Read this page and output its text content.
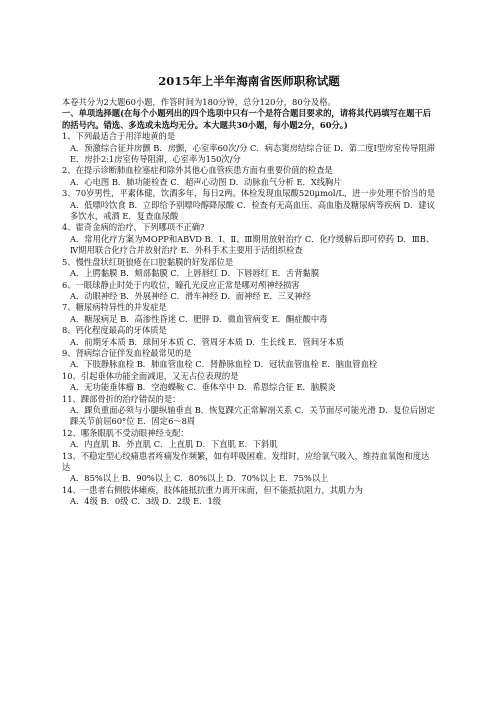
2015年上半年海南省医师职称试题

本卷共分为2大题60小题，作答时间为180分钟，总分120分，80分及格。

一、单项选择题(在每个小题列出的四个选项中只有一个是符合题目要求的，请将其代码填写在题干后的括号内。错选、多选或未选均无分。本大题共30小题，每小题2分，60分。)

1、下列最适合于用洋地黄的是

A．预激综合征并房颤 B．房颤，心室率60次/分 C．病态窦房结综合征 D．第二度Ⅰ型房室传导阻滞 E．房扑2:1房室传导阻滞，心室率为150次/分

2、在提示诊断肺血栓塞症和除外其他心血管疾患方面有重要价值的检查是

A．心电图 B．肺功能检查 C．超声心动图 D．动脉血气分析 E．X线胸片

3、70岁男性，平素体健，饮酒多年，每日2两。体检发现血尿酸520μmol/L，进一步处理不恰当的是

A．低嘌呤饮食 B．立即给予别嘌呤醇降尿酸 C．检查有无高血压、高血脂及糖尿病等疾病 D．建议多饮水，戒酒 E．复查血尿酸

4、霍奇金病的治疗，下列哪项不正确?

A．常用化疗方案为MOPP和ABVD B．Ⅰ、Ⅱ、Ⅲ期用放射治疗 C．化疗缓解后即可停药 D．ⅢB、Ⅳ期用联合化疗合并放射治疗 E．外科手术主要用于活组织检查

5、慢性盘状红斑狼疮在口腔黏膜的好发部位是

A．上腭黏膜 B．颊部黏膜 C．上唇唇红 D．下唇唇红 E．舌背黏膜

6、一眼球静止时处于内收位，瞳孔光反应正常是哪对颅神经损害

A．动眼神经 B．外展神经 C．滑车神经 D．面神经 E．三叉神经

7、糖尿病特异性的并发症是

A．糖尿病足 B．高渗性昏迷 C．肥胖 D．微血管病变 E．酮症酸中毒

8、钙化程度最高的牙体质是

A．前期牙本质 B．球间牙本质 C．管周牙本质 D．生长线 E．管间牙本质

9、肾病综合征伴发血栓最常见的是

A．下肢静脉血栓 B．肺血管血栓 C．肾静脉血栓 D．冠状血管血栓 E．脑血管血栓

10、引起垂体功能全面减退，又无占位表现的是

A．无功能垂体瘤 B．空泡蝶鞍 C．垂体卒中 D．希恩综合征 E．脑膜炎

11、踝部骨折的治疗错误的是：

A．踝负重面必须与小腿纵轴垂直 B．恢复踝穴正常解剖关系 C．关节面尽可能光滑 D．复位后固定踝关节前屈60°位 E．固定6～8周

12、哪条眼肌不受动眼神经支配：

A．内直肌 B．外直肌 C．上直肌 D．下直肌 E．下斜肌

13、不稳定型心绞痛患者疼痛发作频繁，如有呼吸困难、发绀时，应给氧气吸入，维持血氧饱和度达达

A．85%以上 B．90%以上 C．80%以上 D．70%以上 E．75%以上

14、一患者右侧肢体瘫痪，肢体能抵抗重力离开床面，但不能抵抗阻力，其肌力为

A．4级 B．0级 C．3级 D．2级 E．1级
